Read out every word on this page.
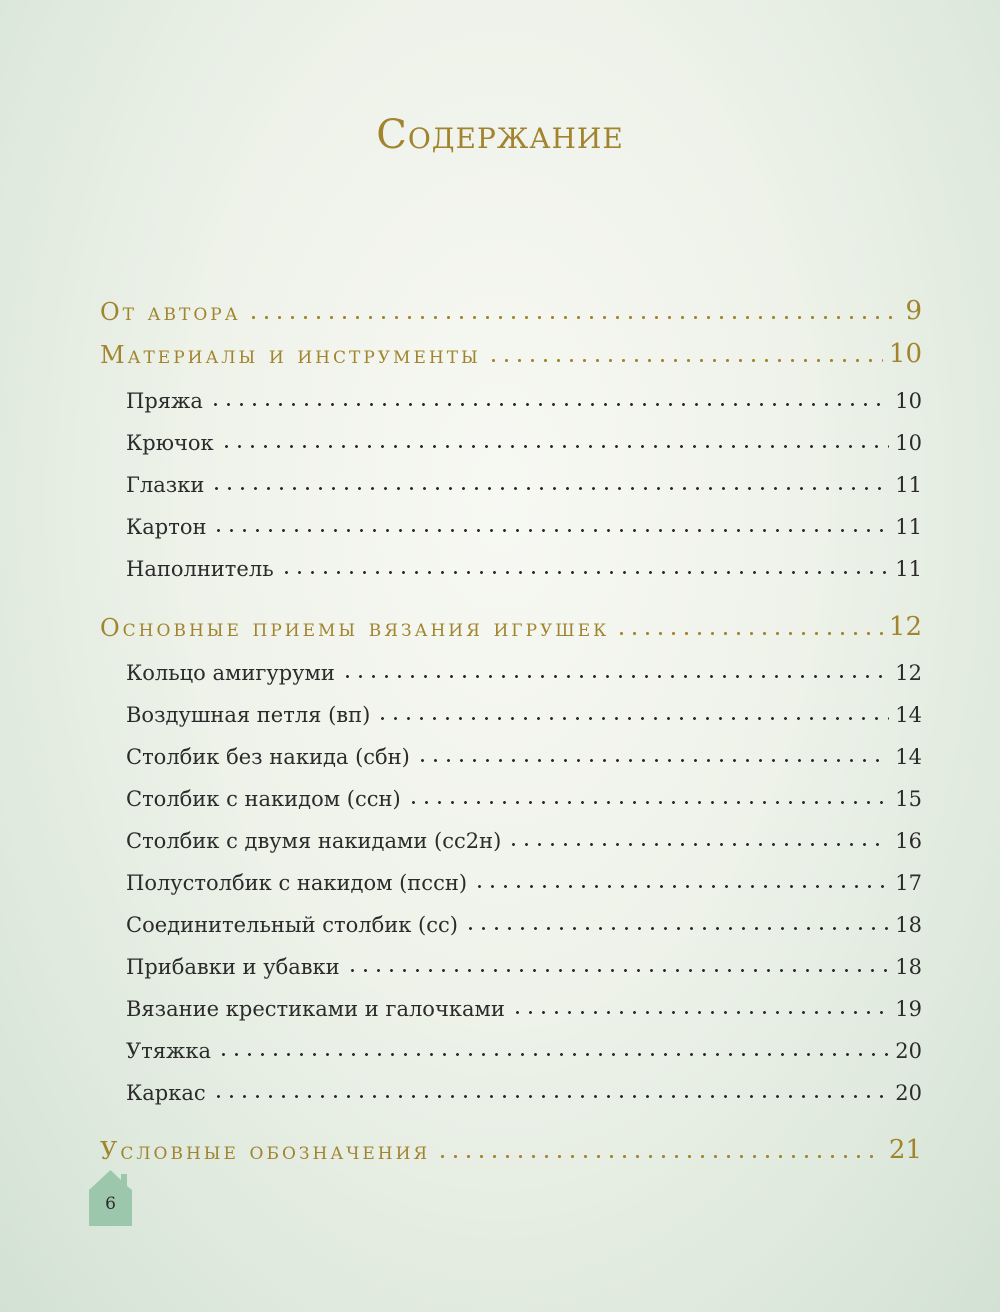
Содержание
От автора	9
Материалы и инструменты	10
Пряжа	10
Крючок	10
Глазки	11
Картон	11
Наполнитель	11
Основные приемы вязания игрушек	12
Кольцо амигуруми	12
Воздушная петля (вп)	14
Столбик без накида (сбн)	14
Столбик с накидом (ссн)	15
Столбик с двумя накидами (сс2н)	16
Полустолбик с накидом (пссн)	17
Соединительный столбик (сс)	18
Прибавки и убавки	18
Вязание крестиками и галочками	19
Утяжка	20
Каркас	20
Условные обозначения	21
6
